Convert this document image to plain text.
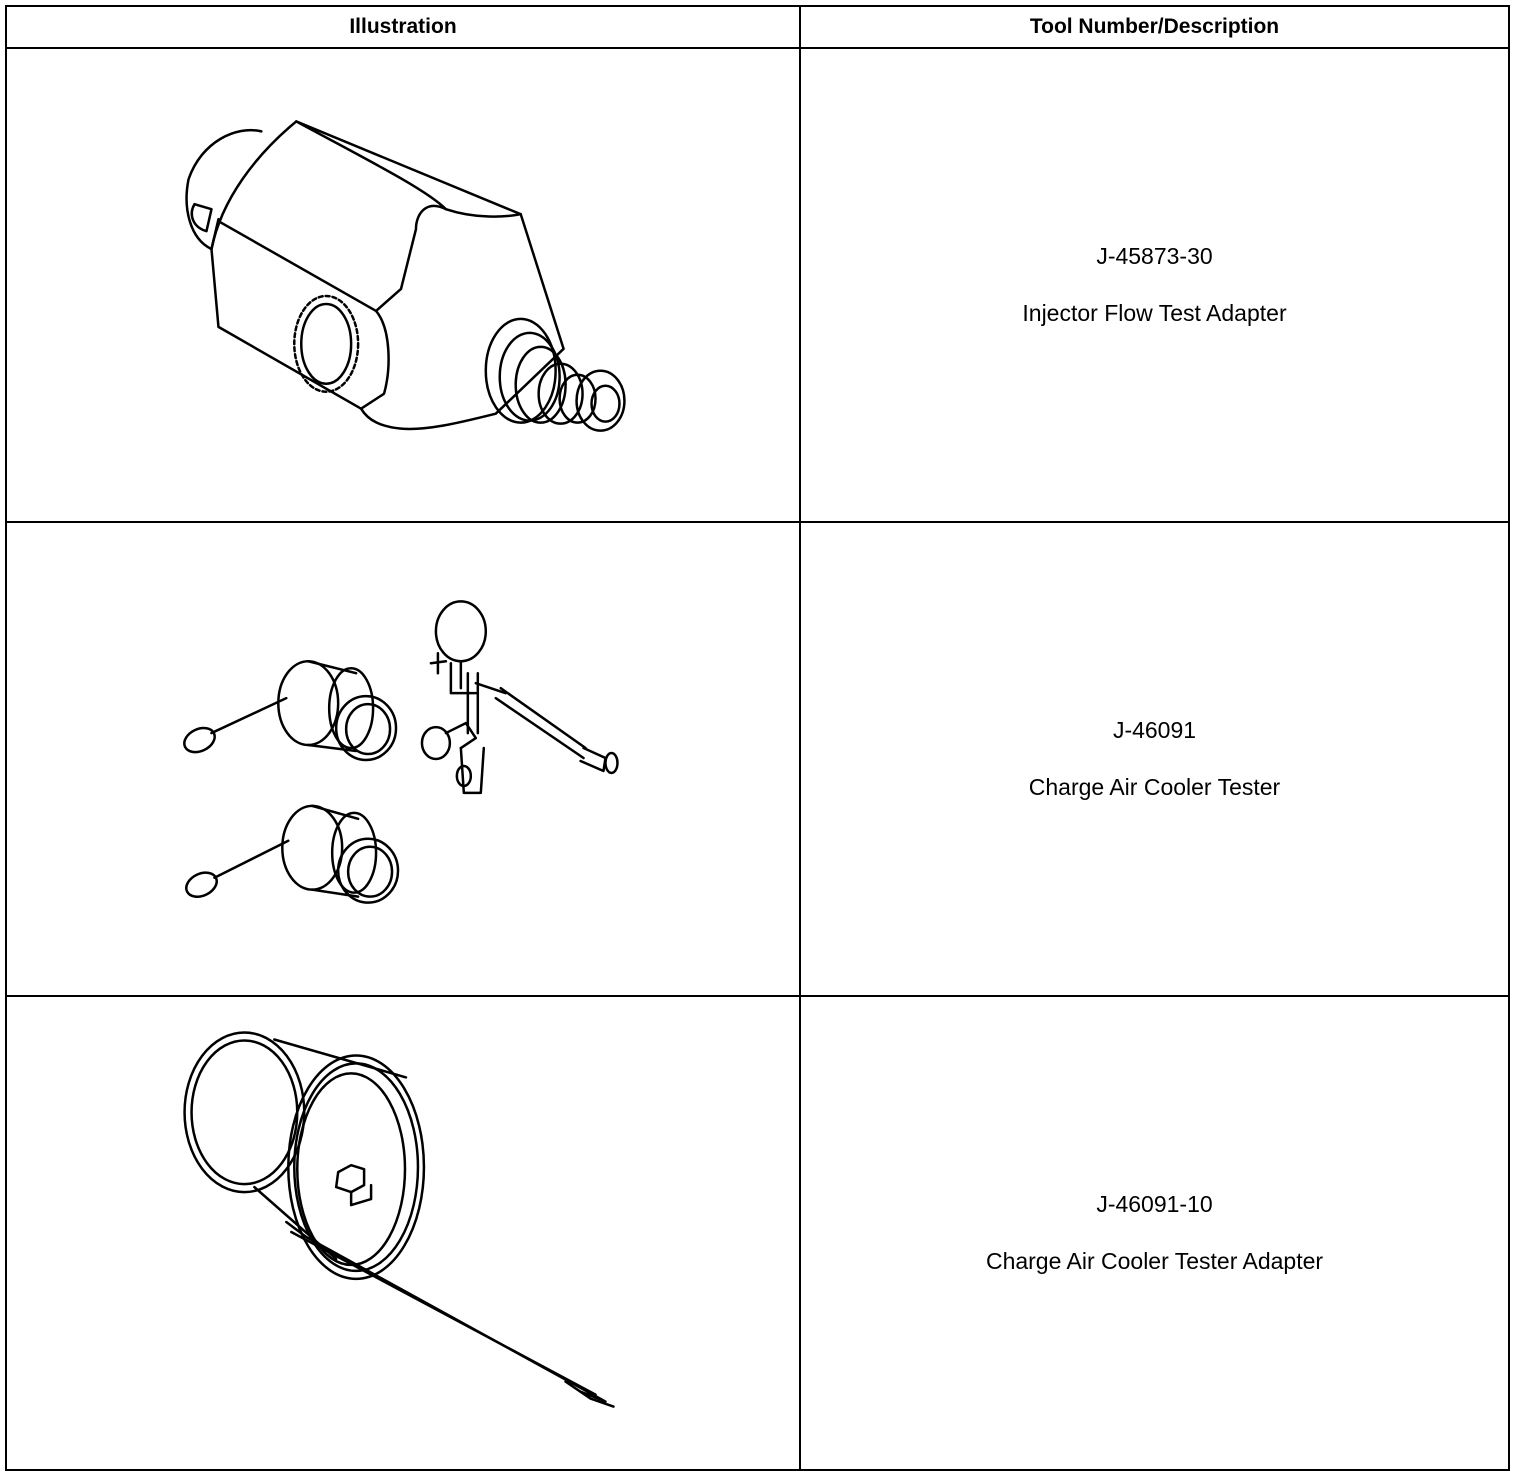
Illustration	Tool Number/Description

J-45873-30
Injector Flow Test Adapter

J-46091
Charge Air Cooler Tester

J-46091-10
Charge Air Cooler Tester Adapter
